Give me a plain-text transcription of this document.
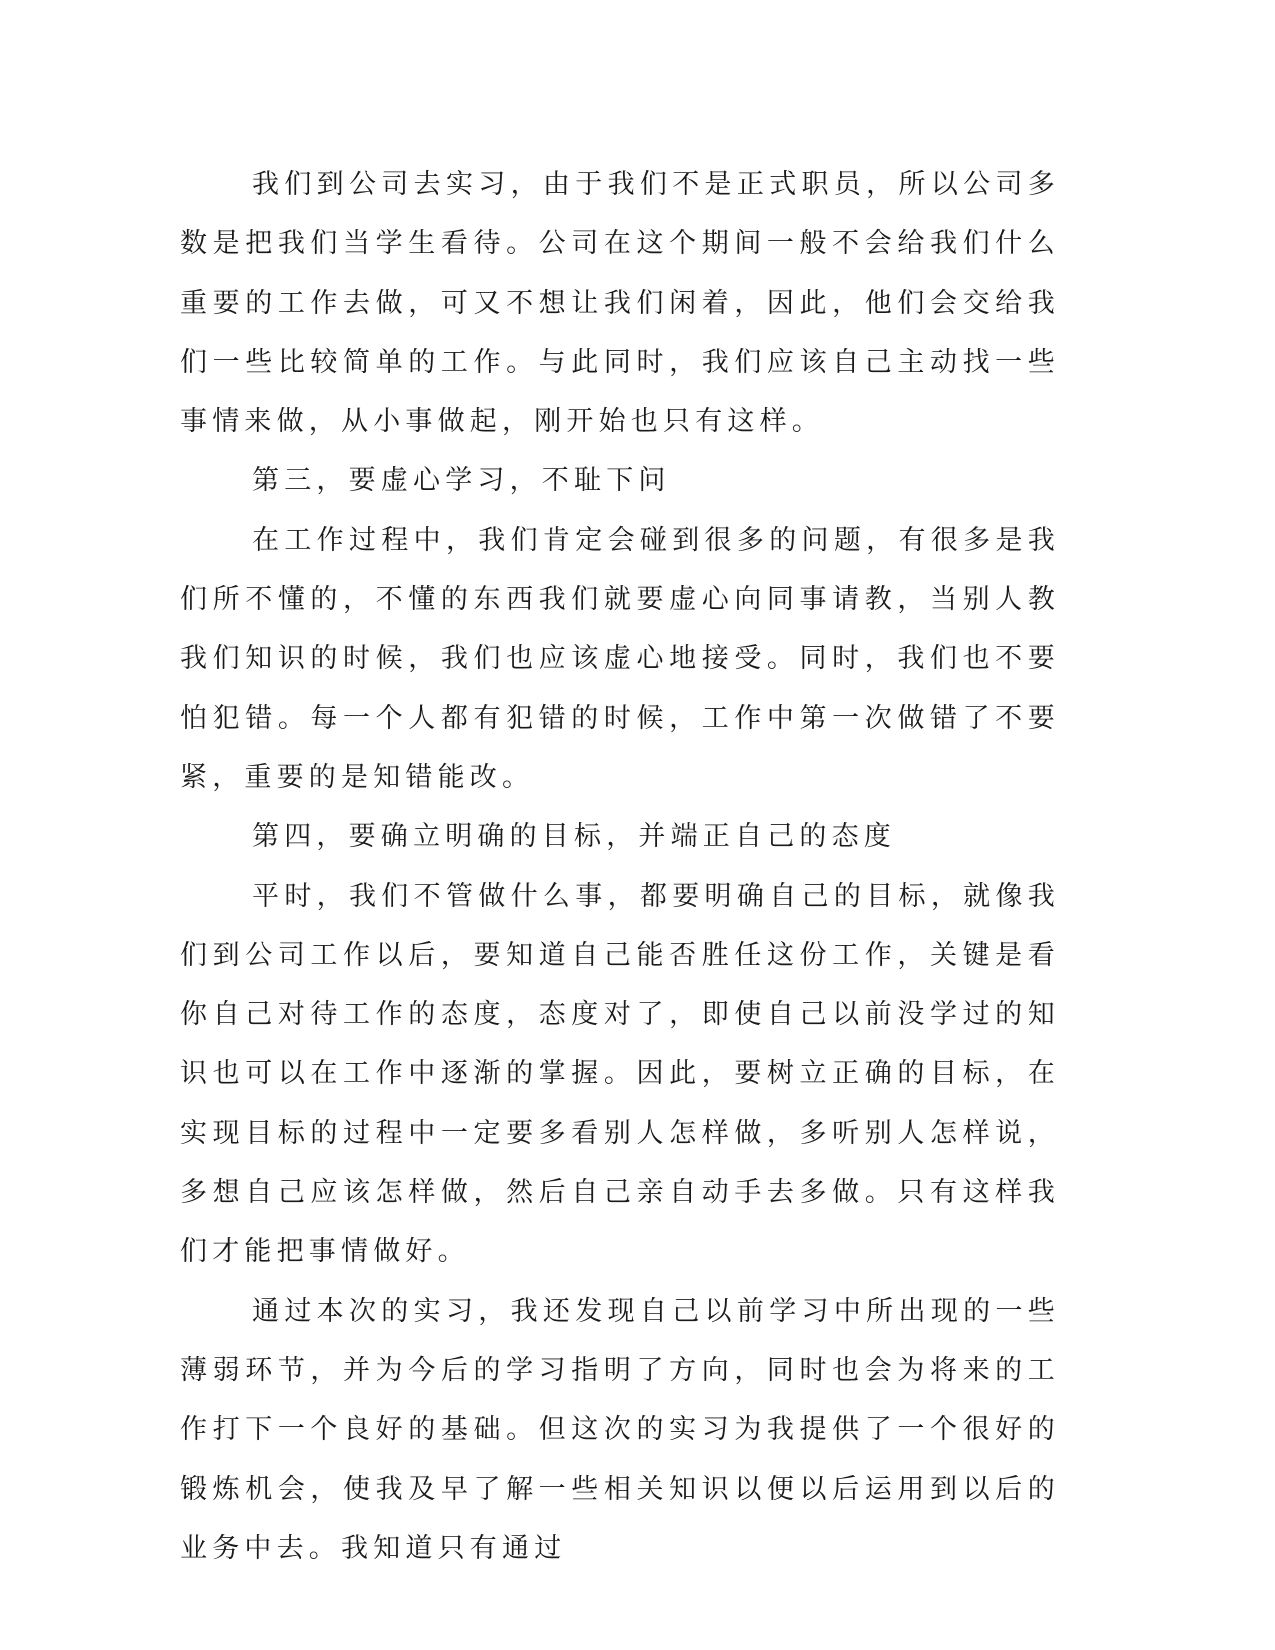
我们到公司去实习，由于我们不是正式职员，所以公司多数是把我们当学生看待。公司在这个期间一般不会给我们什么重要的工作去做，可又不想让我们闲着，因此，他们会交给我们一些比较简单的工作。与此同时，我们应该自己主动找一些事情来做，从小事做起，刚开始也只有这样。

第三，要虚心学习，不耻下问

在工作过程中，我们肯定会碰到很多的问题，有很多是我们所不懂的，不懂的东西我们就要虚心向同事请教，当别人教我们知识的时候，我们也应该虚心地接受。同时，我们也不要怕犯错。每一个人都有犯错的时候，工作中第一次做错了不要紧，重要的是知错能改。

第四，要确立明确的目标，并端正自己的态度

平时，我们不管做什么事，都要明确自己的目标，就像我们到公司工作以后，要知道自己能否胜任这份工作，关键是看你自己对待工作的态度，态度对了，即使自己以前没学过的知识也可以在工作中逐渐的掌握。因此，要树立正确的目标，在实现目标的过程中一定要多看别人怎样做，多听别人怎样说，多想自己应该怎样做，然后自己亲自动手去多做。只有这样我们才能把事情做好。

通过本次的实习，我还发现自己以前学习中所出现的一些薄弱环节，并为今后的学习指明了方向，同时也会为将来的工作打下一个良好的基础。但这次的实习为我提供了一个很好的锻炼机会，使我及早了解一些相关知识以便以后运用到以后的业务中去。我知道只有通过
